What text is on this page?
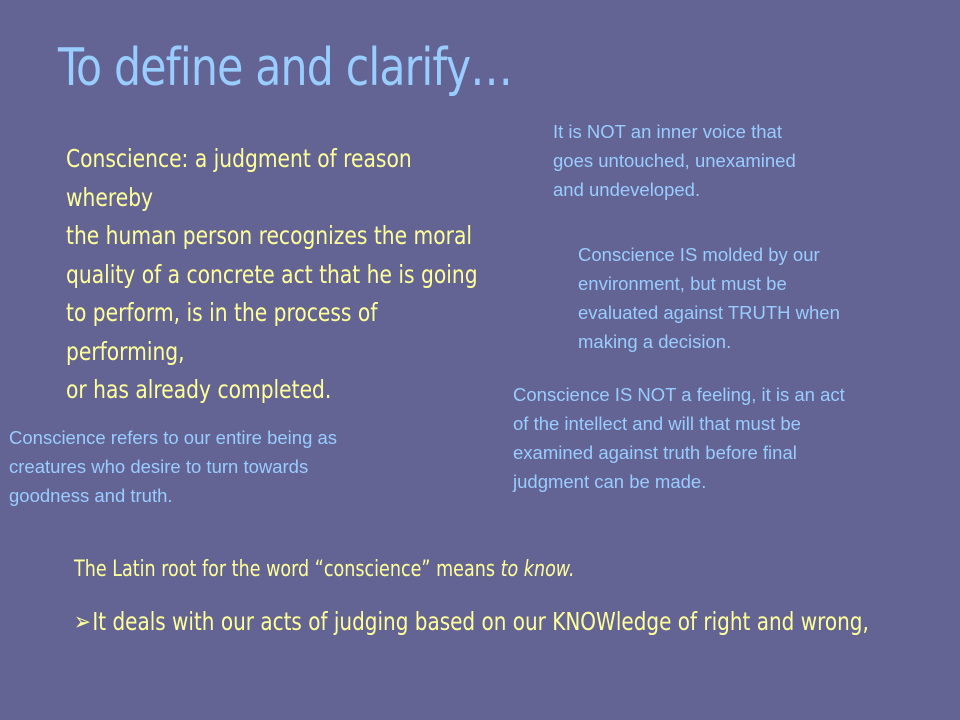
To define and clarify…
Conscience: a judgment of reason whereby
the human person recognizes the moral
quality of a concrete act that he is going
to perform, is in the process of performing,
or has already completed.
It is NOT an inner voice that
goes untouched, unexamined
and undeveloped.
Conscience IS molded by our
environment, but must be
evaluated against TRUTH when
making a decision.
Conscience IS NOT a feeling, it is an act
of the intellect and will that must be
examined against truth before final
judgment can be made.
Conscience refers to our entire being as
creatures who desire to turn towards
goodness and truth.
The Latin root for the word “conscience” means to know.
➢It deals with our acts of judging based on our KNOWledge of right and wrong,
